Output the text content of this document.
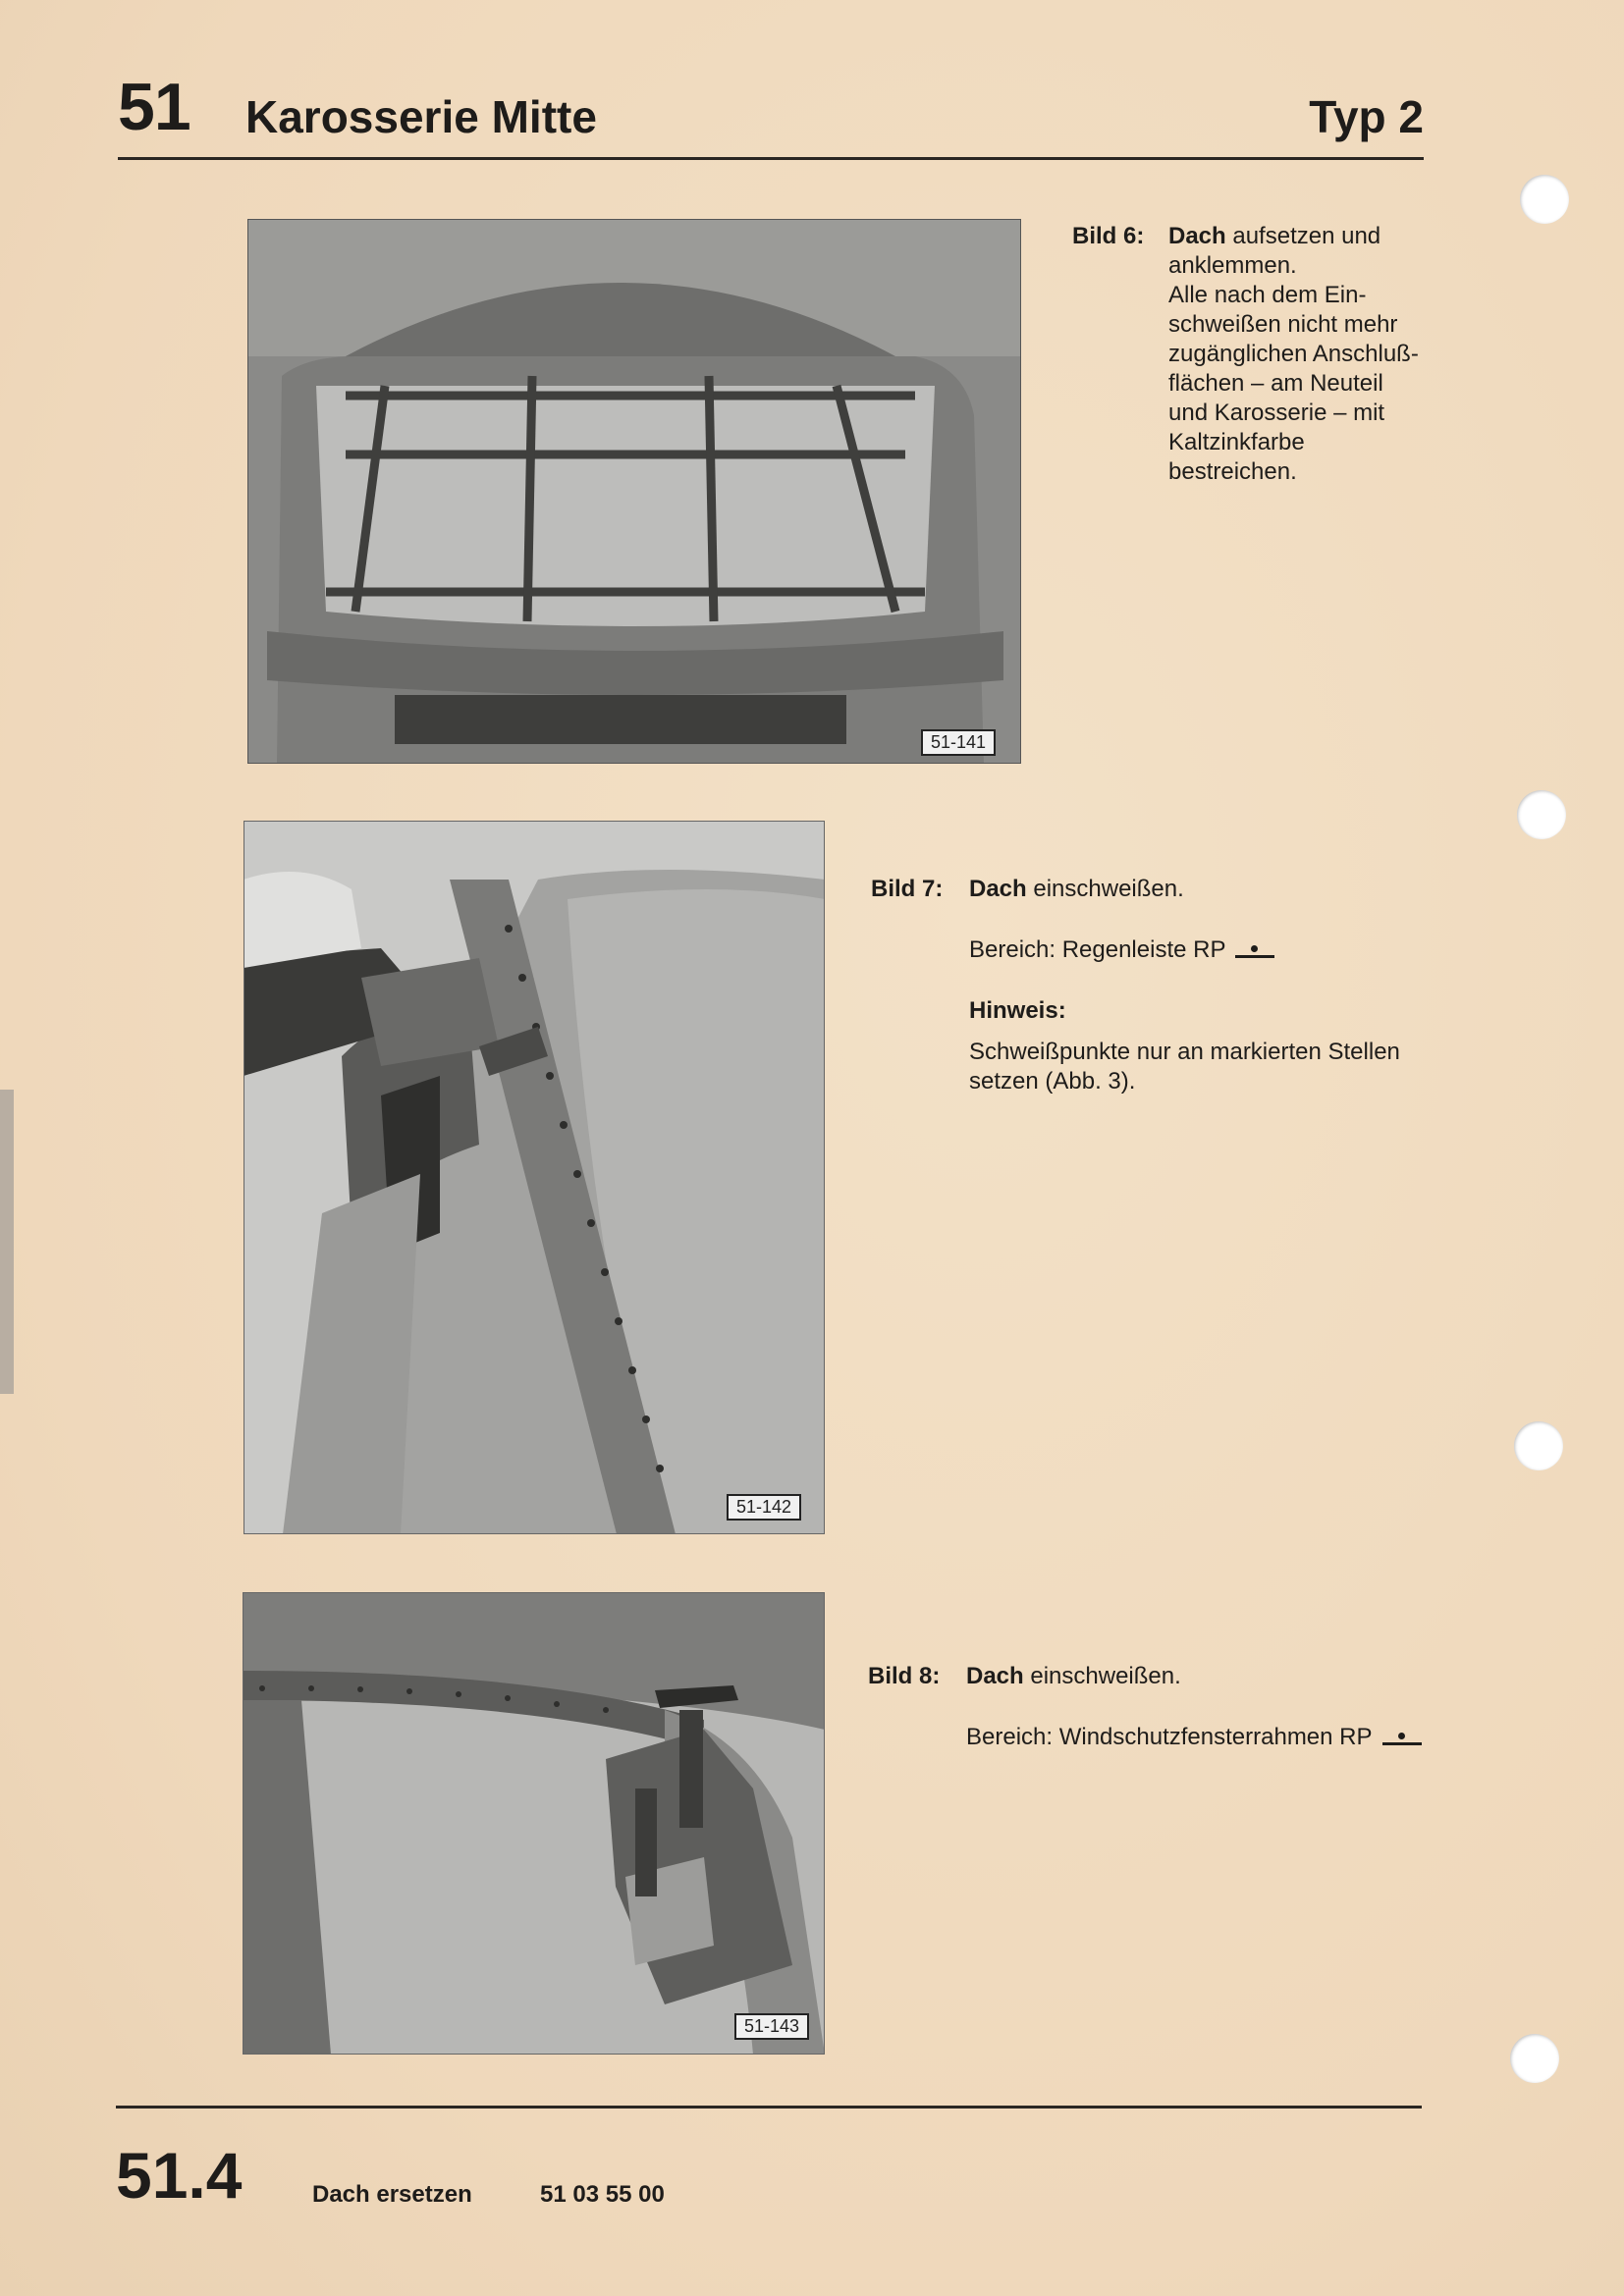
51 Karosserie Mitte	Typ 2
51-141
Bild 6: Dach aufsetzen und anklemmen.

Alle nach dem Ein-

schweißen nicht mehr

zugänglichen Anschluß-

flächen – am Neuteil

und Karosserie – mit

Kaltzinkfarbe

bestreichen.

51-142
Bild 7: Dach einschweißen.

Bereich: Regenleiste RP

Hinweis:

Schweißpunkte nur an markierten Stellen setzen (Abb. 3).

51-143
Bild 8: Dach einschweißen.

Bereich: Windschutzfensterrahmen RP

51.4	Dach ersetzen	51 03 55 00
